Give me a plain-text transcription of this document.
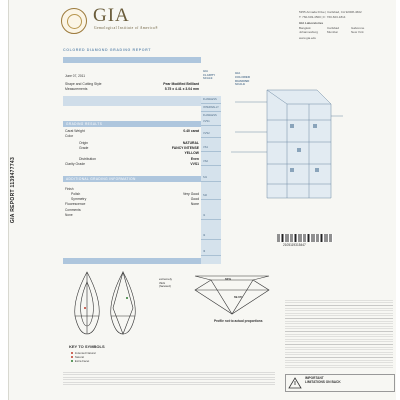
GIA REPORT 1139477743
GIA
Gemological Institute of America®
5355 Armada Drive | Carlsbad, CA 92008-4602
T: 760-603-4500 | F: 760-603-1814
GIA Laboratories
Bangkok	Carlsbad	Gaborone
Johannesburg	Mumbai	New York
www.gia.edu
COLORED DIAMOND GRADING REPORT
June 07, 2011
Shape and Cutting Style	Pear Modified Brilliant
Measurements	5.75 x 4.41 x 3.04 mm
GRADING RESULTS
Carat Weight	0.40 carat
Color
Origin	NATURAL
Grade	FANCY INTENSE
YELLOW
Distribution	Even
Clarity Grade	VVS1
ADDITIONAL GRADING INFORMATION
Finish
Polish	Very Good
Symmetry	Good
Fluorescence	None
Comments:
None
GIA
CLARITY
SCALE
FLAWLESS
INTERNALLY FLAWLESS
VVS1
VVS2
VS1
VS2
SI1
SI2
I1
I2
I3
GIA
COLORED
DIAMOND
SCALE
2105119315447
62%
69.0%
extremely
thick
(faceted)
Profile not to actual proportions
KEY TO SYMBOLS
Indented Natural
Natural
Extra Facet
IMPORTANT
LIMITATIONS ON BACK
